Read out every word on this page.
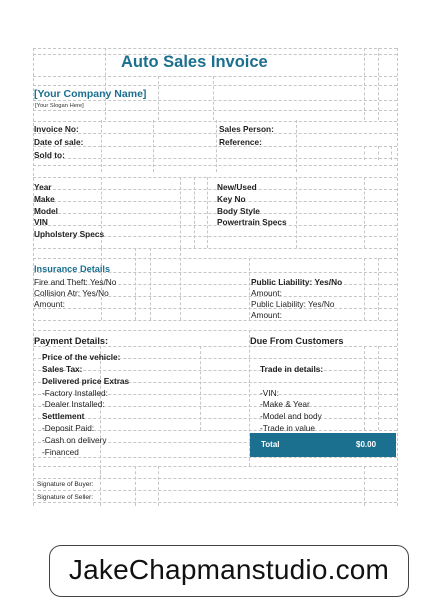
Auto Sales Invoice
[Your Company Name]
[Your Slogan Here]
Invoice No:
Date of sale:
Sold to:
Sales Person:
Reference:
Year
Make
Model
VIN
Upholstery Specs
New/Used
Key No
Body Style
Powertrain Specs
Insurance Details
Fire and Theft: Yes/No
Collision Atr: Yes/No
Amount:
Public Liability: Yes/No
Amount:
Public Liability: Yes/No
Amount:
Payment Details:
Price of the vehicle:
Sales Tax:
Delivered price Extras
-Factory Installed:
-Dealer Installed:
Settlement
-Deposit Paid:
-Cash on delivery
-Financed
Due From Customers
Trade in details:
-VIN:
-Make & Year
-Model and body
-Trade in value
Total	$0.00
Signature of Buyer:
Signature of Seller:
JakeChapmanstudio.com
